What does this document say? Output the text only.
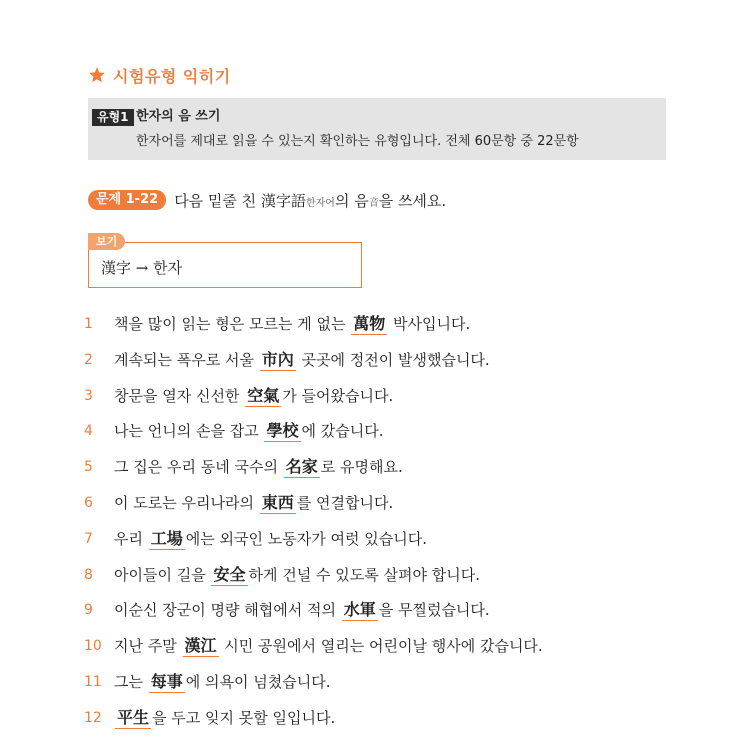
시험유형 익히기
유형1 한자의 음 쓰기
한자어를 제대로 읽을 수 있는지 확인하는 유형입니다. 전체 60문항 중 22문항
문제 1-22	다음 밑줄 친 漢字語한자어의 음音을 쓰세요.
보기
漢字 → 한자
1	책을 많이 읽는 형은 모르는 게 없는 萬物 박사입니다.
2	계속되는 폭우로 서울 市內 곳곳에 정전이 발생했습니다.
3	창문을 열자 신선한 空氣 가 들어왔습니다.
4	나는 언니의 손을 잡고 學校 에 갔습니다.
5	그 집은 우리 동네 국수의 名家 로 유명해요.
6	이 도로는 우리나라의 東西 를 연결합니다.
7	우리 工場 에는 외국인 노동자가 여럿 있습니다.
8	아이들이 길을 安全 하게 건널 수 있도록 살펴야 합니다.
9	이순신 장군이 명량 해협에서 적의 水軍 을 무찔렀습니다.
10 지난 주말 漢江 시민 공원에서 열리는 어린이날 행사에 갔습니다.
11 그는 每事 에 의욕이 넘쳤습니다.
12 平生 을 두고 잊지 못할 일입니다.
